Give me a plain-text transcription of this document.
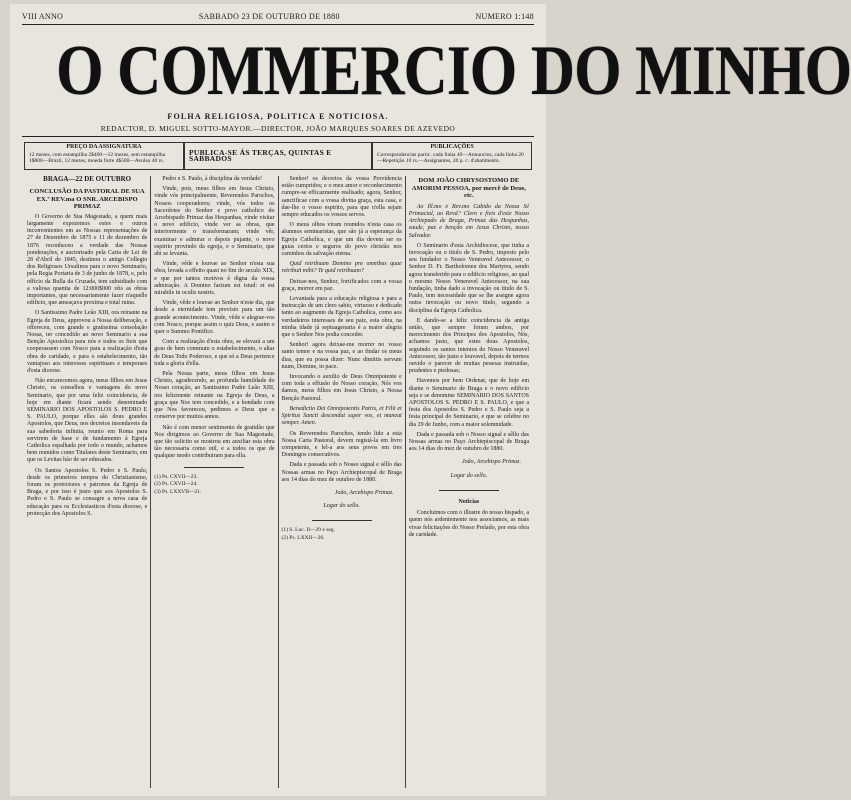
VIII ANNO	SABBADO 23 DE OUTUBRO DE 1880	NUMERO 1:148
O COMMERCIO DO MINHO
FOLHA RELIGIOSA, POLITICA E NOTICIOSA.
REDACTOR, D. MIGUEL SOTTO-MAYOR.—DIRECTOR, JOÃO MARQUES SOARES DE AZEVEDO
PREÇO DA ASSIGNATURA
12 mezes, com estampilha 2$400—12 mezes, sem estampilha 1$800—Brazil, 12 mezes, moeda forte 4$500—Avulso 40 rs.
PUBLICA-SE ÁS TERÇAS, QUINTAS E SABBADOS
PUBLICAÇÕES
Correspondencias partic. cada linha 40—Annuncios, cada linha 20—Repetição 10 rs.—Assignantes, 20 p. c. d'abatimento.
BRAGA—22 DE OUTUBRO
CONCLUSÃO DA PASTORAL DE SUA EX.ª REV.ma O SNR. ARCEBISPO PRIMAZ

O Governo de Sua Magestade, a quem mais largamente expozemos estes e outros inconvenientes em as Nossas representações de 27 de Dezembro de 1875 e 11 de dezembro de 1876 reconheceu a verdade das Nossas ponderações, e auctorisado pela Carta de Lei de 28 d'Abril de 1845, destinou o antigo Collegio dos Religiosos Ursulinos para o novo Seminario, pela Regia Portaria de 3 de junho de 1878, e, pelo officio da Bulla da Cruzada, tem subsidiado com a valiosa quantia de 12:000$000 réis as obras importantes, que necessariamente fazer n'aquelle edificio, que ameaçava proxima e total ruina.

O Santissimo Padre Leão XIII, ora reinante na Egreja de Deus, approvou a Nossa deliberação, e offereceu, com grande e gratissima consolação Nossa, ter concedido ao novo Seminario a sua Benção Apostolica para nós e todos os fieis que cooperassem com Nosco para a realização d'esta obra de caridade, e para o estabelecimento, tão vantajoso aos interesses espirituaes e temporaes d'esta diocese.

Não encarecemos agora, meus filhos em Jesus Christo, os conselhos e vantagens do novo Seminario, que por uma feliz coincidencia, de hoje em diante ficará sendo denominado SEMINARIO DOS APOSTOLOS S. PEDRO E S. PAULO, porque elles são dous grandes Apostolos, que Deus, nos decretos insondaveis da sua sabedoria infinita, reunio em Roma para servirem de base e de fundamento á Egreja Catholica espalhada por todo o mundo, achamos bem reunidos como Titulares deste Seminario, em que os Levitas hão de ser educados.

Os Santos Apostolos S. Pedro e S. Paulo, desde os primeiros tempos do Christianismo, foram os protectores e patronos da Egreja de Braga, e por isso é justo que aos Apostolos S. Pedro e S. Paulo se consagre a nova casa de educação para os Ecclesiasticos d'esta diocese, e protecção dos Apostolos S.

Pedro e S. Paulo, á disciplina da verdade!

Vinde, pois, meus filhos em Jesus Christo, vinde vós principalmente, Reverendos Parochos, Nossos cooperadores; vinde, vós todos os Sacerdotes do Senhor e povo catholico do Arcebispado Primaz das Hespanhas, vinde visitar o novo edificio, vinde ver as obras, que interiormente o transformaram; vinde vêr, examinar e admirar o depois pujante, o novo espirito provindo da egreja, e o Seminario, que ahi se levanta.

Vinde, vêde e louvae ao Senhor n'esta sua obra, levada a effeito quasi no fim do seculo XIX, e que por tantos motivos é digna da vossa admiração. A Domino factum est istud: et est mirabile in oculis nostris.

Vinde, vêde e louvae ao Senhor n'este dia, que desde a eternidade tem previsto para um tão grande acontecimento. Vinde, vêde e alegrae-vos com Nosco, porque assim o quiz Deus, e assim o quer o Summo Pontifice.

Com a realização d'esta obra, se elevará a um grau de bem commum o estabelecimento, o altar de Deus Todo Poderoso, e que só a Deus pertence toda a gloria d'ella.

Pela Nossa parte, meus filhos em Jesus Christo, agradecendo, as profunda humildade do Nosso coração, ao Santissimo Padre Leão XIII, ora felizmente reinante na Egreja de Deus, a graça que Nos tem concedido, e a bondade com que Nos favoreceu, pedimos a Deus que o conserve por muitos annos.

Não é com menor sentimento de gratidão que Nos dirigimos ao Governo de Sua Magestade, que tão solicito se mostrou em auxiliar esta obra tão necessaria como util, e a todos os que de qualquer modo contribuiram para ella.

(1) Ps. CXVII—23.
(2) Ps. CXVII—24.
(3) Ps. LXXVII—21.

Senhor! os decretos da vossa Providencia estão cumpridos; e o meu amor e reconhecimento cumpre-se efficazmente realisado; agora, Senhor, sanctificae com a vossa divina graça, esta casa, e dae-lhe o vosso espirito, para que n'ella sejam sempre educados os vossos servos.

O meus olhos viram reunidos n'esta casa os alumnos seminaristas, que são já a esperança da Egreja Catholica, e que um dia devem ser os guias certos e seguros do povo christão nos caminhos da salvação eterna.

Quid retribuam Domino pro omnibus quae retribuit mihi? Te quid retribuam?

Deixae-nos, Senhor, fortificados com a vossa graça, morrer em paz.

Levantada para a educação religiosa e para a instrucção de um clero sabio, virtuoso e dedicado tanto ao augmento da Egreja Catholica, como aos verdadeiros interesses de seu paiz, esta obra, na minha idade já septuagenaria é a maior alegria que o Senhor Nos podia conceder.

Senhor! agora deixae-me morrer no vosso santo temor e na vossa paz, e ao findar os meus dias, que eu possa dizer: Nunc dimittis servum tuum, Domine, in pace.

Invocando o auxilio de Deus Omnipotente e com toda a effusão do Nosso coração, Nós vos damos, meus filhos em Jesus Christo, a Nossa Benção Pastoral.

Benedictio Dei Omnipotentis Patris, et Filii et Spiritus Sancti descendat super vos, et maneat semper. Amen.

Os Reverendos Parochos, tendo lido a esta Nossa Carta Pastoral, devem registá-la em livro competente, e lel-a aos seus povos em tres Domingos consecutivos.

Dada e passada sob o Nosso signal e sêllo das Nossas armas no Paço Archiepiscopal de Braga aos 14 dias do mez de outubro de 1880.

João, Arcebispo Primaz.
Logar do sello.
(1) S. Luc. II—29 e seg.
(2) Ps. LXXII—26.
DOM JOÃO CHRYSOSTOMO DE AMORIM PESSOA, por mercê de Deus, etc.

Ao Ill.mo e Rev.mo Cabido da Nossa Sé Primacial, ao Revd.º Clero e fieis d'este Nosso Archiepado de Braga, Primaz das Hespanhas, saude, paz e benção em Jesus Christo, nosso Salvador.

O Seminario d'esta Archidiocese, que tinha a invocação ou o titulo de S. Pedro, imposto pelo seu fundador o Nosso Veneravel Antecessor, o Senhor D. Fr. Bartholomeu dos Martyres, sendo agora transferido para o edificio religioso, ao qual o mesmo Nosso Veneravel Antecessor, na sua fundação, tinha dado a invocação ou titulo de S. Paulo, tem necessidade que se lhe assigne agora outra invocação ou novo titulo, segundo a disciplina da Egreja Catholica.

E dando-se a feliz coincidencia da antiga união, que sempre foram ambos, por merecimento dos Principes dos Apostolos, Nós, achamos justo, que estes dous Apostolos, seguindo os santos intentos do Nosso Veneravel Antecessor, tão justo e louvavel, depois de termos ouvido o parecer de muitas pessoas instruidas, prudentes e piedosas;

Havemos por bem Ordenar, que de hoje em diante o Seminario de Braga e o novo edificio seja e se denomine SEMINARIO DOS SANTOS APOSTOLOS S. PEDRO E S. PAULO, e que a festa dos Apostolos S. Pedro e S. Paulo seja a festa principal do Seminario, e que se celebre no dia 29 de Junho, com a maior solemnidade.

Dada e passada sob o Nosso signal e sêllo das Nossas armas no Paço Archiepiscopal de Braga aos 14 dias do mez de outubro de 1880.

João, Arcebispo Primaz.
Logar do sello.
Noticias

Concluimos com o illustre do nosso bispado, a quem nós ardentemente nos associamos, as mais vivas felicitações do Nosso Prelado, por esta obra de caridade.
